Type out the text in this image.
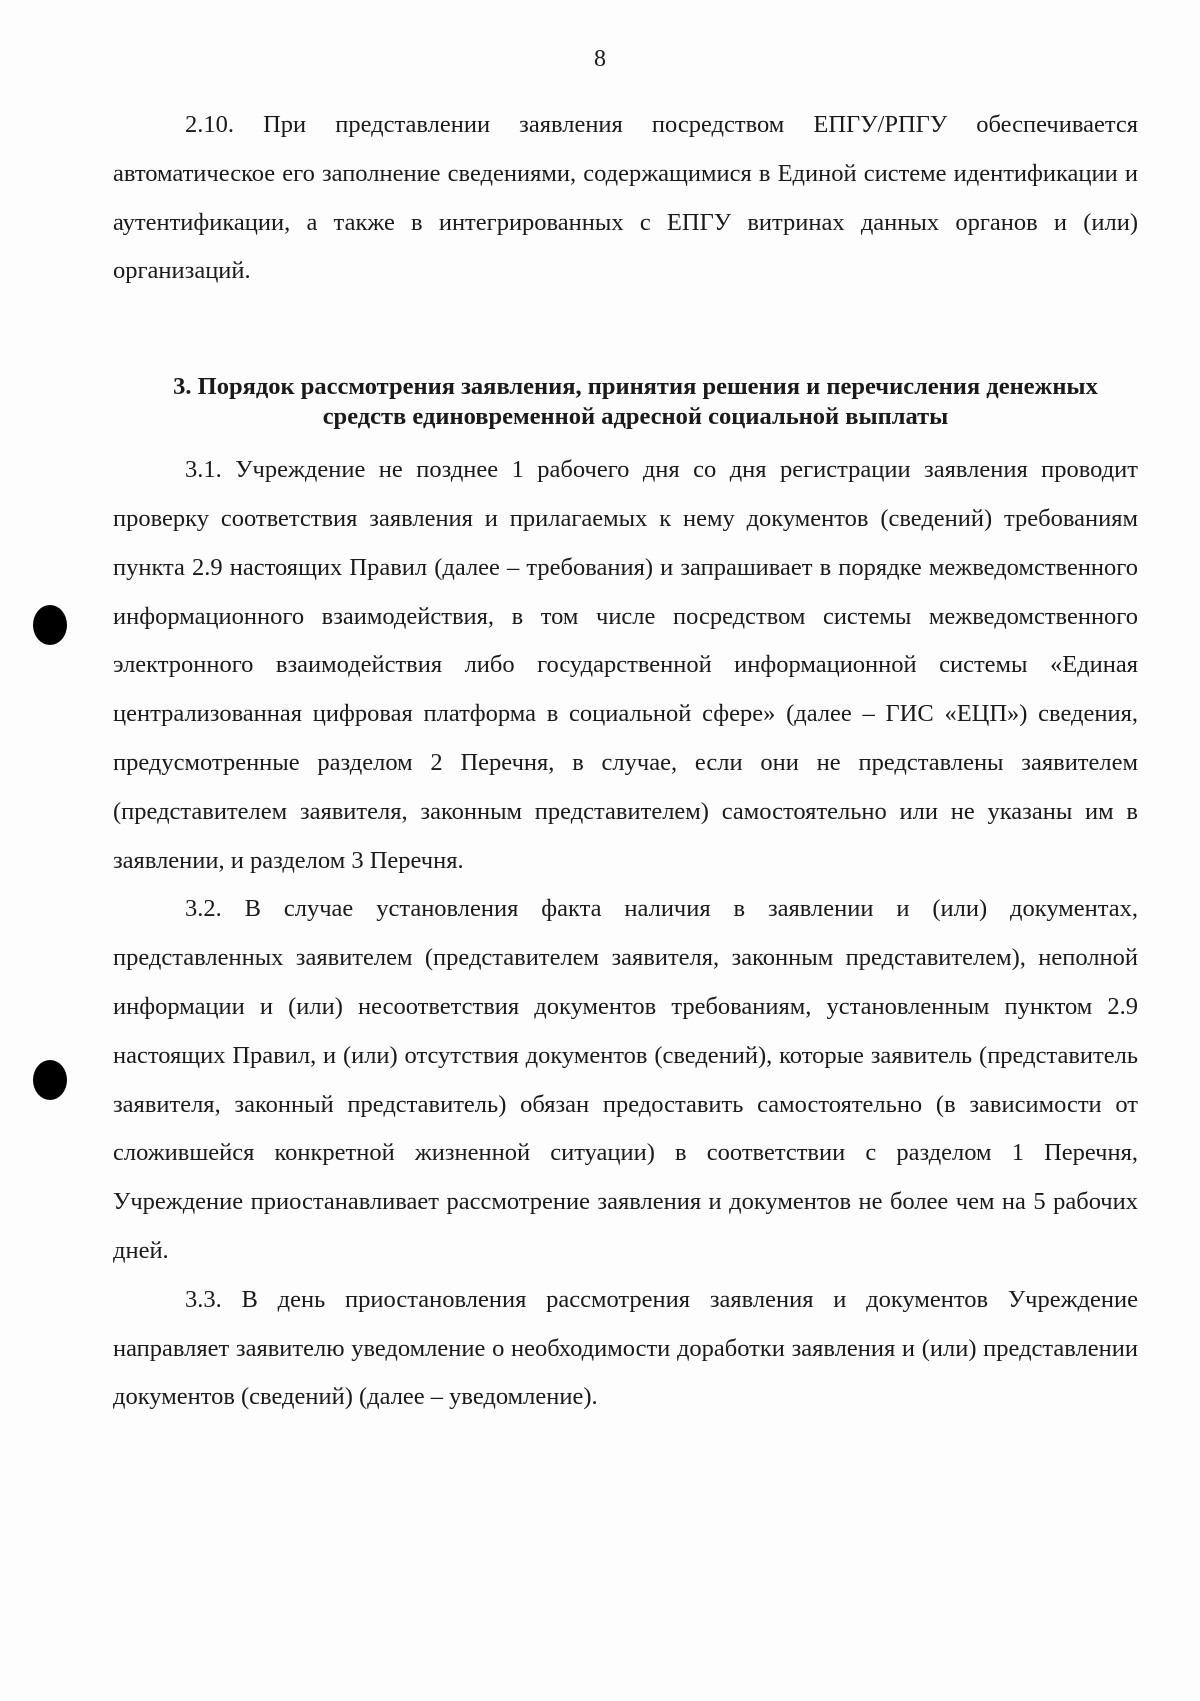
8

2.10. При представлении заявления посредством ЕПГУ/РПГУ обеспечивается автоматическое его заполнение сведениями, содержащимися в Единой системе идентификации и аутентификации, а также в интегрированных с ЕПГУ витринах данных органов и (или) организаций.

3. Порядок рассмотрения заявления, принятия решения и перечисления денежных средств единовременной адресной социальной выплаты

3.1. Учреждение не позднее 1 рабочего дня со дня регистрации заявления проводит проверку соответствия заявления и прилагаемых к нему документов (сведений) требованиям пункта 2.9 настоящих Правил (далее – требования) и запрашивает в порядке межведомственного информационного взаимодействия, в том числе посредством системы межведомственного электронного взаимодействия либо государственной информационной системы «Единая централизованная цифровая платформа в социальной сфере» (далее – ГИС «ЕЦП») сведения, предусмотренные разделом 2 Перечня, в случае, если они не представлены заявителем (представителем заявителя, законным представителем) самостоятельно или не указаны им в заявлении, и разделом 3 Перечня.

3.2. В случае установления факта наличия в заявлении и (или) документах, представленных заявителем (представителем заявителя, законным представителем), неполной информации и (или) несоответствия документов требованиям, установленным пунктом 2.9 настоящих Правил, и (или) отсутствия документов (сведений), которые заявитель (представитель заявителя, законный представитель) обязан предоставить самостоятельно (в зависимости от сложившейся конкретной жизненной ситуации) в соответствии с разделом 1 Перечня, Учреждение приостанавливает рассмотрение заявления и документов не более чем на 5 рабочих дней.

3.3. В день приостановления рассмотрения заявления и документов Учреждение направляет заявителю уведомление о необходимости доработки заявления и (или) представлении документов (сведений) (далее – уведомление).
